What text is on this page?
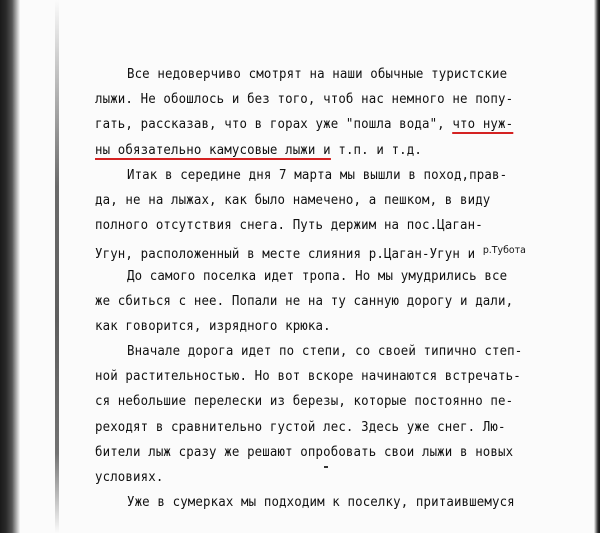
Все недоверчиво смотрят на наши обычные туристские
лыжи. Не обошлось и без того, чтоб нас немного не попу-
гать, рассказав, что в горах уже "пошла вода", что нуж-
ны обязательно камусовые лыжи и т.п. и т.д.
Итак в середине дня 7 марта мы вышли в поход,прав-
да, не на лыжах, как было намечено, а пешком, в виду
полного отсутствия снега. Путь держим на пос.Цаган-
Угун, расположенный в месте слияния р.Цаган-Угун и $^{р.Тубота}$
До самого поселка идет тропа. Но мы умудрились все
же сбиться с нее. Попали не на ту санную дорогу и дали,
как говорится, изрядного крюка.
Вначале дорога идет по степи, со своей типично степ-
ной растительностью. Но вот вскоре начинаются встречать-
ся небольшие перелески из березы, которые постоянно пе-
реходят в сравнительно густой лес. Здесь уже снег. Лю-
бители лыж сразу же решают опробовать свои лыжи в новых
условиях.
Уже в сумерках мы подходим к поселку, притаившемуся
